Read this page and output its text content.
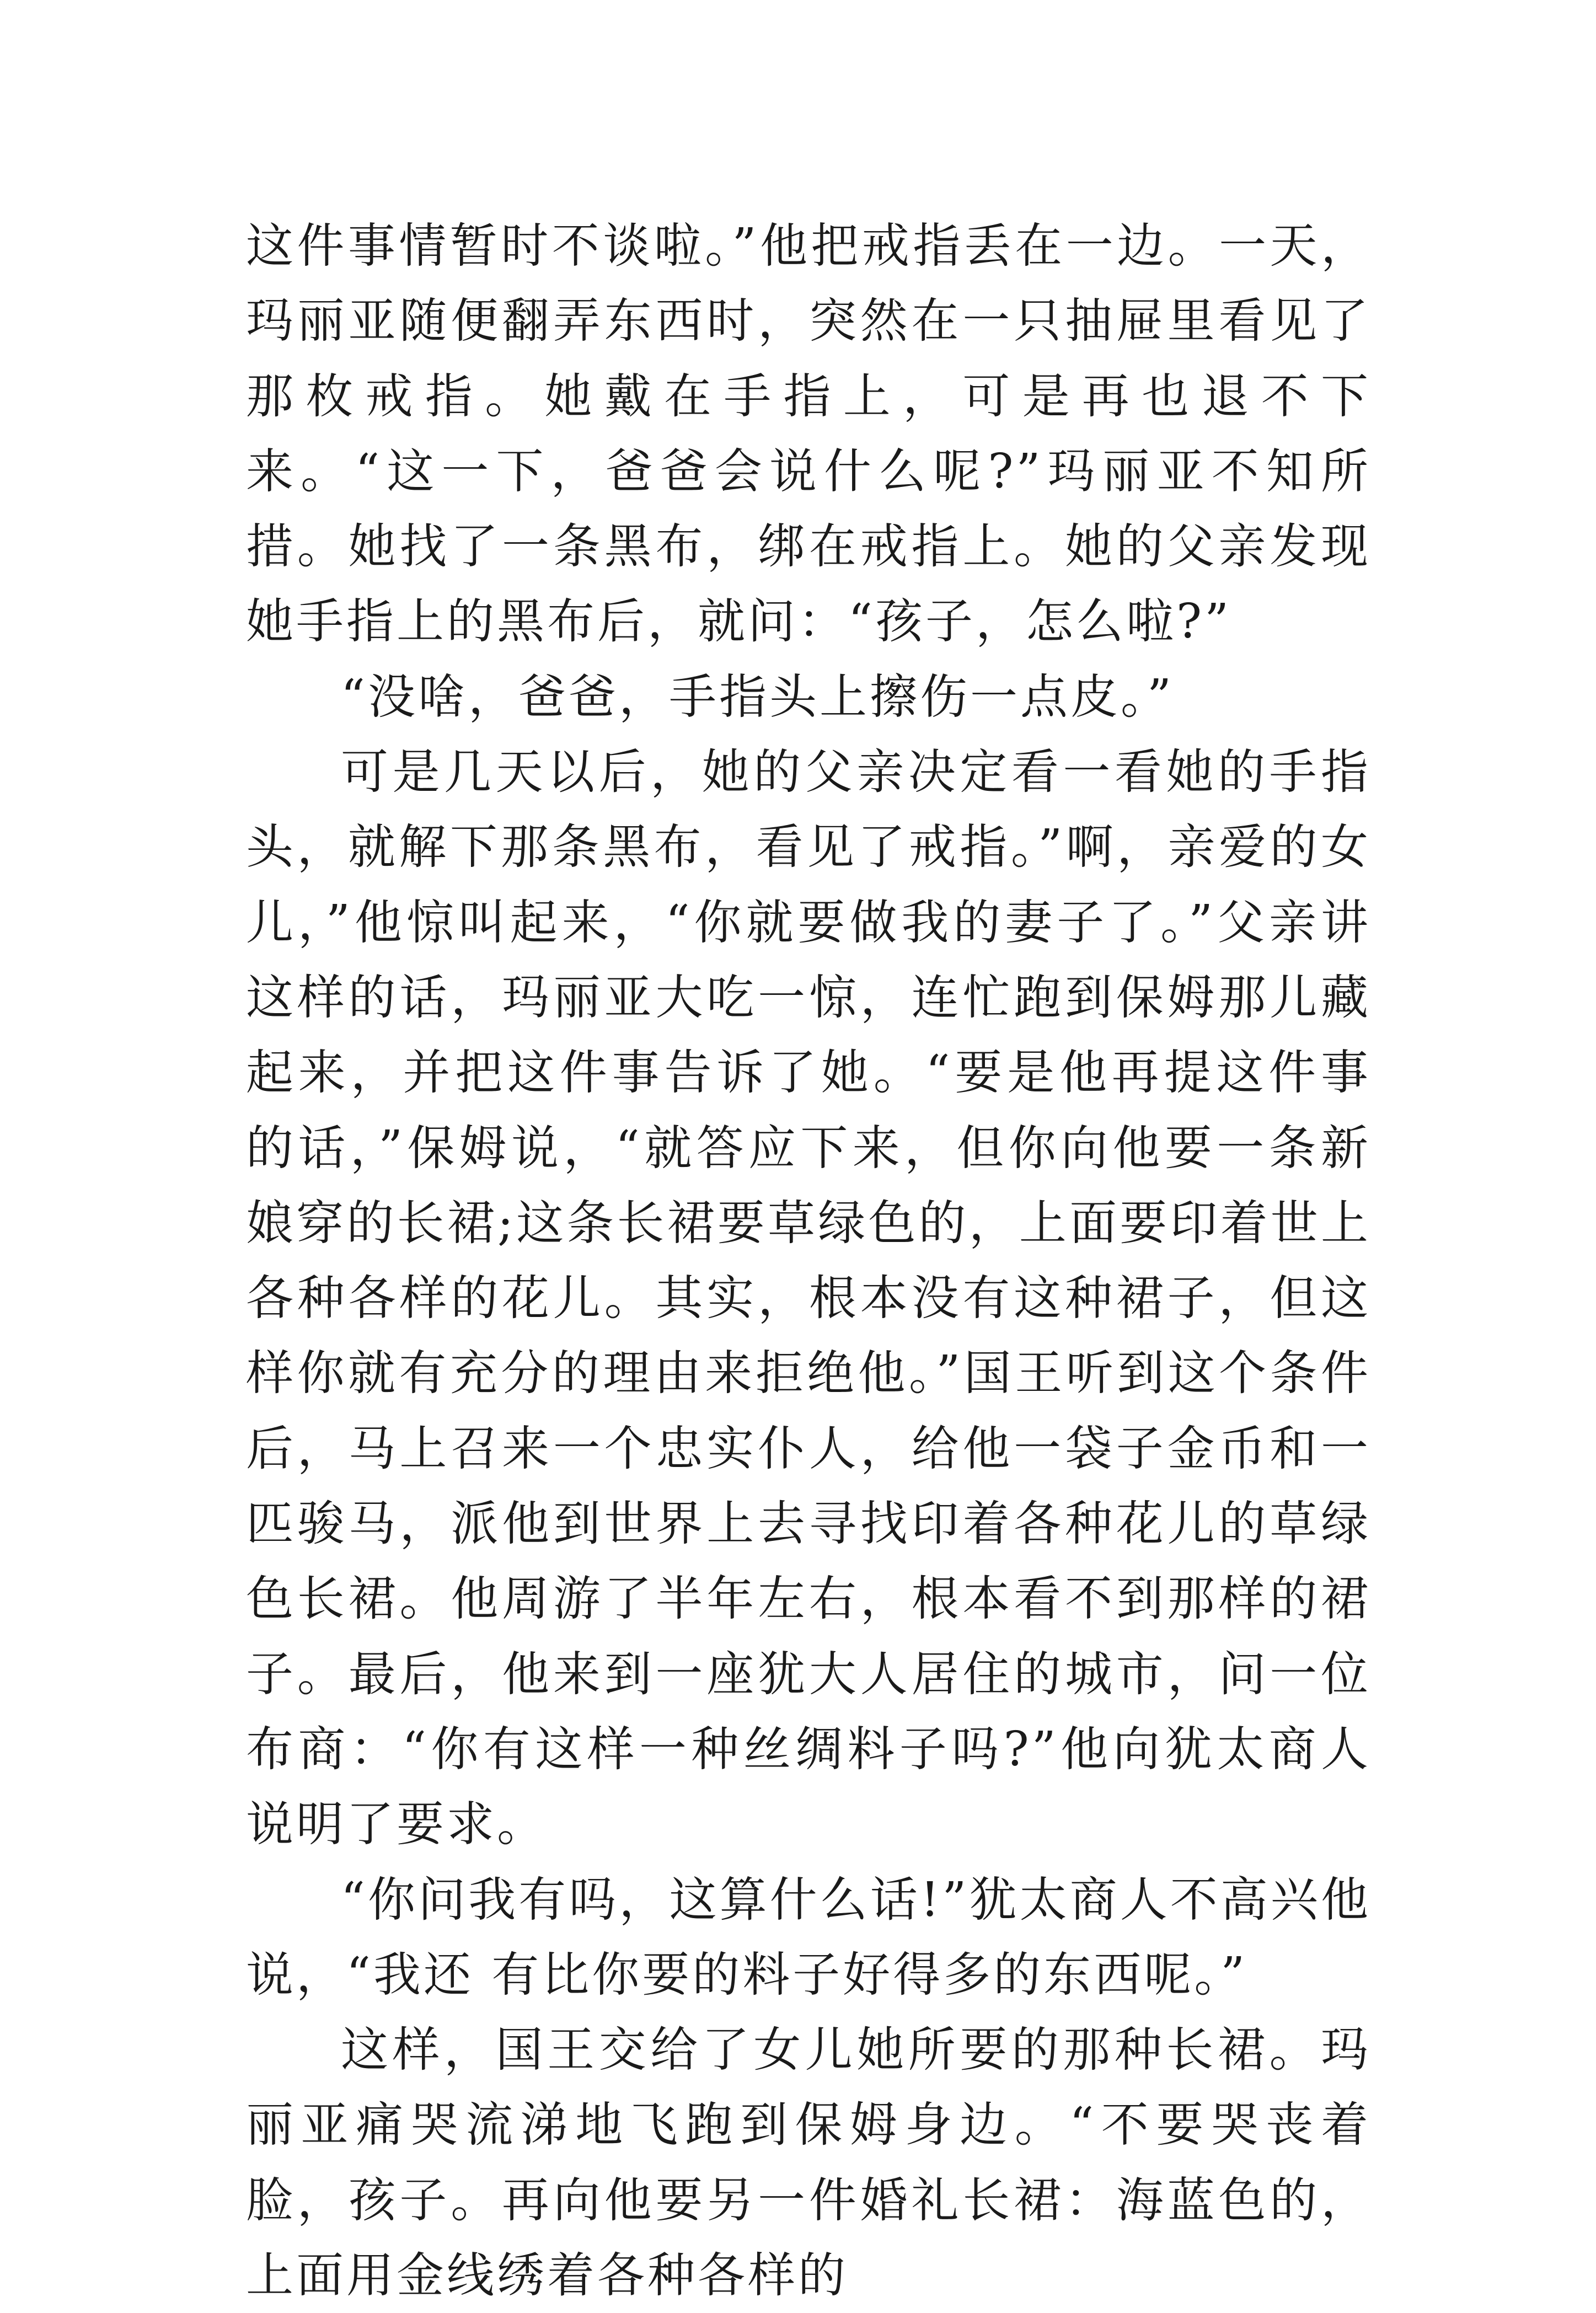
这件事情暂时不谈啦。”他把戒指丢在一边。一天，玛丽亚随便翻弄东西时，突然在一只抽屉里看见了那枚戒指。她戴在手指上，可是再也退不下来。“这一下，爸爸会说什么呢?”玛丽亚不知所措。她找了一条黑布，绑在戒指上。她的父亲发现她手指上的黑布后，就问：“孩子，怎么啦?”

“没啥，爸爸，手指头上擦伤一点皮。”

可是几天以后，她的父亲决定看一看她的手指头，就解下那条黑布，看见了戒指。”啊，亲爱的女儿，”他惊叫起来，“你就要做我的妻子了。”父亲讲这样的话，玛丽亚大吃一惊，连忙跑到保姆那儿藏起来，并把这件事告诉了她。“要是他再提这件事的话，”保姆说，“就答应下来，但你向他要一条新娘穿的长裙;这条长裙要草绿色的，上面要印着世上各种各样的花儿。其实，根本没有这种裙子，但这样你就有充分的理由来拒绝他。”国王听到这个条件后，马上召来一个忠实仆人，给他一袋子金币和一匹骏马，派他到世界上去寻找印着各种花儿的草绿色长裙。他周游了半年左右，根本看不到那样的裙子。最后，他来到一座犹大人居住的城市，问一位布商：“你有这样一种丝绸料子吗?”他向犹太商人说明了要求。

“你问我有吗，这算什么话!”犹太商人不高兴他说，“我还 有比你要的料子好得多的东西呢。”

这样，国王交给了女儿她所要的那种长裙。玛丽亚痛哭流涕地飞跑到保姆身边。“不要哭丧着脸，孩子。再向他要另一件婚礼长裙：海蓝色的，上面用金线绣着各种各样的
